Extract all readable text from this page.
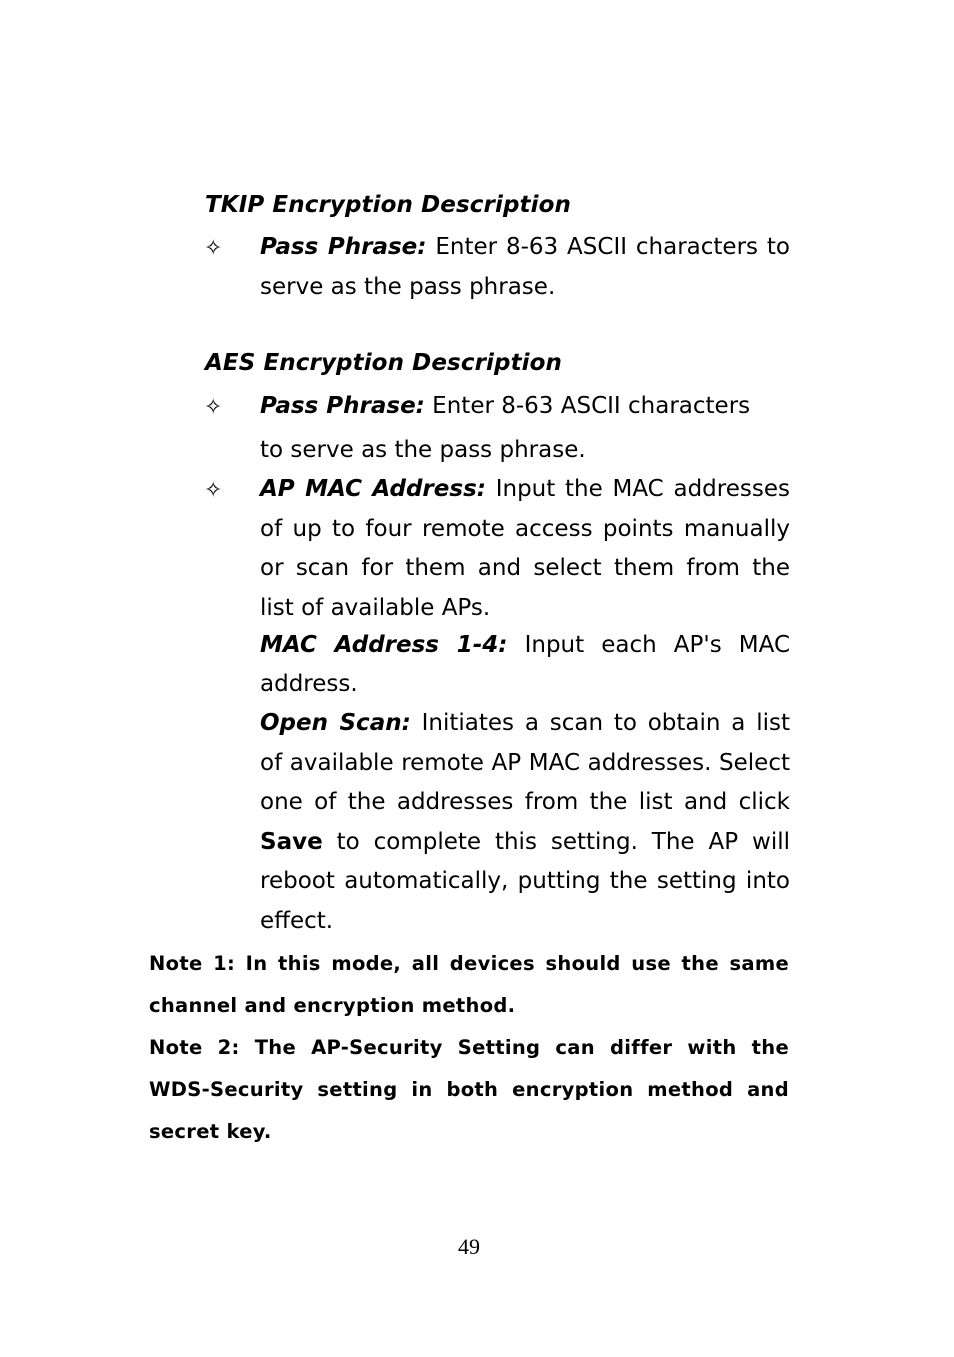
TKIP Encryption Description
✧ Pass Phrase: Enter 8-63 ASCII characters to serve as the pass phrase.

AES Encryption Description
✧ Pass Phrase: Enter 8-63 ASCII characters

to serve as the pass phrase.

✧ AP MAC Address: Input the MAC addresses of up to four remote access points manually or scan for them and select them from the list of available APs.

MAC Address 1-4: Input each AP's MAC address.

Open Scan: Initiates a scan to obtain a list of available remote AP MAC addresses. Select one of the addresses from the list and click Save to complete this setting. The AP will reboot automatically, putting the setting into effect.

Note 1: In this mode, all devices should use the same channel and encryption method.

Note 2: The AP-Security Setting can differ with the WDS-Security setting in both encryption method and secret key.

49
